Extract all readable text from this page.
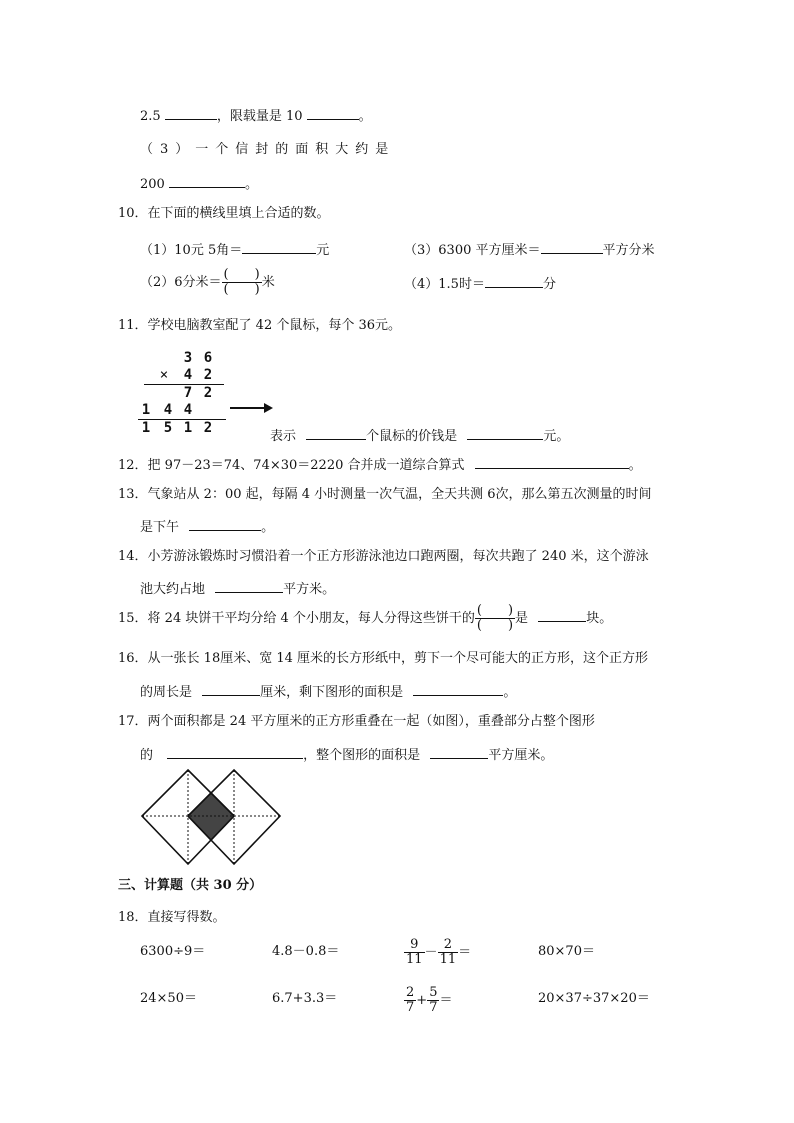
2.5	，限载量是 10	。
（3）一个信封的面积大约是
200	。
10．在下面的横线里填上合适的数。
（1）10元 5角＝	元	（3）6300 平方厘米＝	平方分米
（2）6分米＝ $\frac{( )}{( )}$ 米	（4）1.5时＝	分
11．学校电脑教室配了 42 个鼠标，每个 36元。
3 6
×	4 2
7 2
1 4 4
1 5 1 2
表示	个鼠标的价钱是	元。
12．把 97－23＝74、74×30＝2220 合并成一道综合算式	。
13．气象站从 2：00 起，每隔 4 小时测量一次气温，全天共测 6次，那么第五次测量的时间
是下午	。
14．小芳游泳锻炼时习惯沿着一个正方形游泳池边口跑两圈，每次共跑了 240 米，这个游泳
池大约占地	平方米。
15．将 24 块饼干平均分给 4 个小朋友，每人分得这些饼干的 $\frac{( )}{( )}$ 是	块。
16．从一张长 18厘米、宽 14 厘米的长方形纸中，剪下一个尽可能大的正方形，这个正方形
的周长是	厘米，剩下图形的面积是	。
17．两个面积都是 24 平方厘米的正方形重叠在一起（如图），重叠部分占整个图形
的	，整个图形的面积是	平方厘米。
三、计算题（共 30 分）
18．直接写得数。
6300÷9＝	4.8－0.8＝	$\frac{9}{11} - \frac{2}{11}$ ＝	80×70＝
24×50＝	6.7+3.3＝	$\frac{2}{7} + \frac{5}{7}$ ＝	20×37÷37×20＝
